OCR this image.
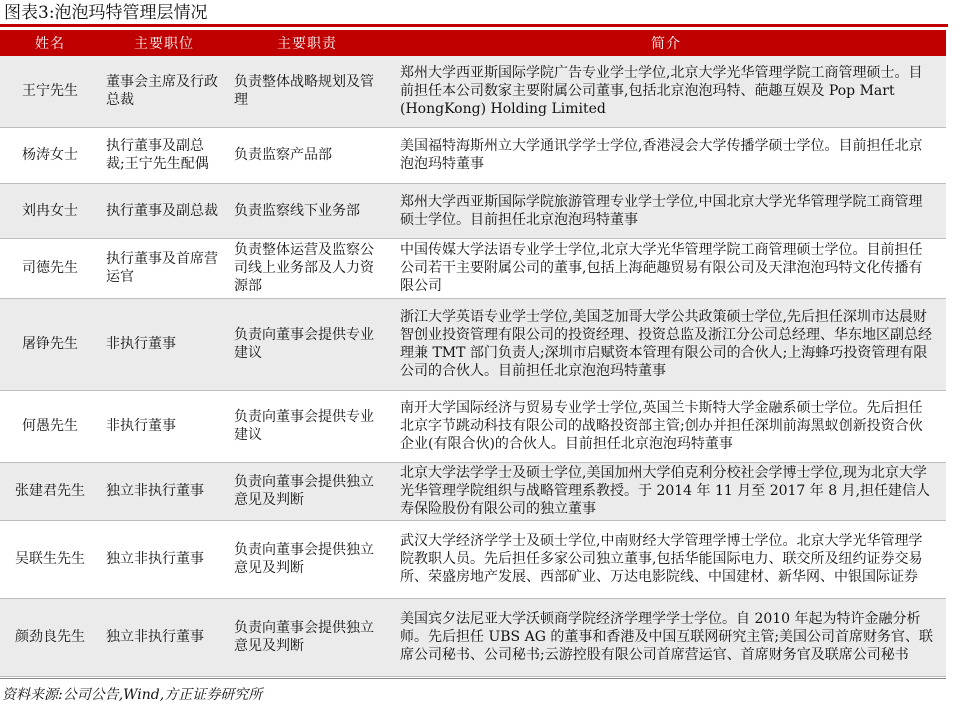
图表3:泡泡玛特管理层情况
姓名	主要职位	主要职责	简介
王宁先生	董事会主席及行政总裁	负责整体战略规划及管理	郑州大学西亚斯国际学院广告专业学士学位,北京大学光华管理学院工商管理硕士。目前担任本公司数家主要附属公司董事,包括北京泡泡玛特、葩趣互娱及 Pop Mart (HongKong) Holding Limited
杨涛女士	执行董事及副总裁;王宁先生配偶	负责监察产品部	美国福特海斯州立大学通讯学学士学位,香港浸会大学传播学硕士学位。目前担任北京泡泡玛特董事
刘冉女士	执行董事及副总裁	负责监察线下业务部	郑州大学西亚斯国际学院旅游管理专业学士学位,中国北京大学光华管理学院工商管理硕士学位。目前担任北京泡泡玛特董事
司德先生	执行董事及首席营运官	负责整体运营及监察公司线上业务部及人力资源部	中国传媒大学法语专业学士学位,北京大学光华管理学院工商管理硕士学位。目前担任公司若干主要附属公司的董事,包括上海葩趣贸易有限公司及天津泡泡玛特文化传播有限公司
屠铮先生	非执行董事	负责向董事会提供专业建议	浙江大学英语专业学士学位,美国芝加哥大学公共政策硕士学位,先后担任深圳市达晨财智创业投资管理有限公司的投资经理、投资总监及浙江分公司总经理、华东地区副总经理兼 TMT 部门负责人;深圳市启赋资本管理有限公司的合伙人;上海蜂巧投资管理有限公司的合伙人。目前担任北京泡泡玛特董事
何愚先生	非执行董事	负责向董事会提供专业建议	南开大学国际经济与贸易专业学士学位,英国兰卡斯特大学金融系硕士学位。先后担任北京字节跳动科技有限公司的战略投资部主管;创办并担任深圳前海黑蚁创新投资合伙企业(有限合伙)的合伙人。目前担任北京泡泡玛特董事
张建君先生	独立非执行董事	负责向董事会提供独立意见及判断	北京大学法学学士及硕士学位,美国加州大学伯克利分校社会学博士学位,现为北京大学光华管理学院组织与战略管理系教授。于 2014 年 11 月至 2017 年 8 月,担任建信人寿保险股份有限公司的独立董事
吴联生先生	独立非执行董事	负责向董事会提供独立意见及判断	武汉大学经济学学士及硕士学位,中南财经大学管理学博士学位。北京大学光华管理学院教职人员。先后担任多家公司独立董事,包括华能国际电力、联交所及纽约证券交易所、荣盛房地产发展、西部矿业、万达电影院线、中国建材、新华网、中银国际证券
颜劲良先生	独立非执行董事	负责向董事会提供独立意见及判断	美国宾夕法尼亚大学沃顿商学院经济学理学学士学位。自 2010 年起为特许金融分析师。先后担任 UBS AG 的董事和香港及中国互联网研究主管;美国公司首席财务官、联席公司秘书、公司秘书;云游控股有限公司首席营运官、首席财务官及联席公司秘书
资料来源:公司公告,Wind,方正证券研究所
